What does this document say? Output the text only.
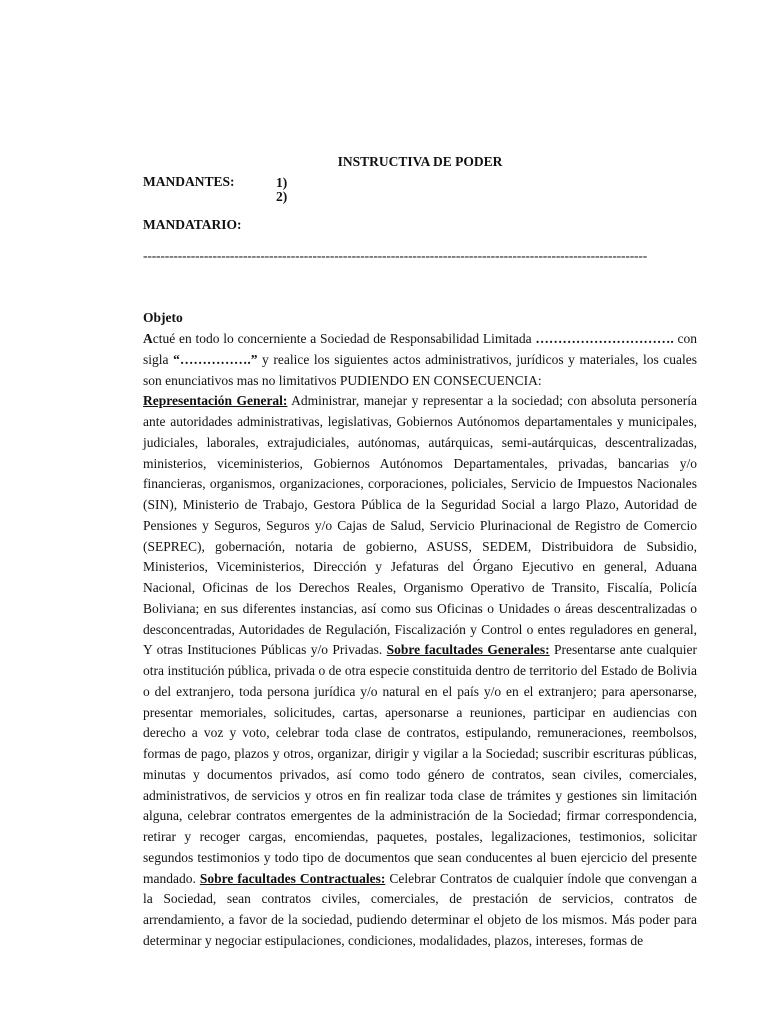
INSTRUCTIVA DE PODER
MANDANTES:	1)
2)
MANDATARIO:
--------------------------------------------------------------------------------------------------------------------
Objeto
Actué en todo lo concerniente a Sociedad de Responsabilidad Limitada …………………………. con sigla “…………….” y realice los siguientes actos administrativos, jurídicos y materiales, los cuales son enunciativos mas no limitativos PUDIENDO EN CONSECUENCIA:
Representación General: Administrar, manejar y representar a la sociedad; con absoluta personería ante autoridades administrativas, legislativas, Gobiernos Autónomos departamentales y municipales, judiciales, laborales, extrajudiciales, autónomas, autárquicas, semi-autárquicas, descentralizadas, ministerios, viceministerios, Gobiernos Autónomos Departamentales, privadas, bancarias y/o financieras, organismos, organizaciones, corporaciones, policiales, Servicio de Impuestos Nacionales (SIN), Ministerio de Trabajo, Gestora Pública de la Seguridad Social a largo Plazo, Autoridad de Pensiones y Seguros, Seguros y/o Cajas de Salud, Servicio Plurinacional de Registro de Comercio (SEPREC), gobernación, notaria de gobierno, ASUSS, SEDEM, Distribuidora de Subsidio, Ministerios, Viceministerios, Dirección y Jefaturas del Órgano Ejecutivo en general, Aduana Nacional, Oficinas de los Derechos Reales, Organismo Operativo de Transito, Fiscalía, Policía Boliviana; en sus diferentes instancias, así como sus Oficinas o Unidades o áreas descentralizadas o desconcentradas, Autoridades de Regulación, Fiscalización y Control o entes reguladores en general, Y otras Instituciones Públicas y/o Privadas. Sobre facultades Generales: Presentarse ante cualquier otra institución pública, privada o de otra especie constituida dentro de territorio del Estado de Bolivia o del extranjero, toda persona jurídica y/o natural en el país y/o en el extranjero; para apersonarse, presentar memoriales, solicitudes, cartas, apersonarse a reuniones, participar en audiencias con derecho a voz y voto, celebrar toda clase de contratos, estipulando, remuneraciones, reembolsos, formas de pago, plazos y otros, organizar, dirigir y vigilar a la Sociedad; suscribir escrituras públicas, minutas y documentos privados, así como todo género de contratos, sean civiles, comerciales, administrativos, de servicios y otros en fin realizar toda clase de trámites y gestiones sin limitación alguna, celebrar contratos emergentes de la administración de la Sociedad; firmar correspondencia, retirar y recoger cargas, encomiendas, paquetes, postales, legalizaciones, testimonios, solicitar segundos testimonios y todo tipo de documentos que sean conducentes al buen ejercicio del presente mandado. Sobre facultades Contractuales: Celebrar Contratos de cualquier índole que convengan a la Sociedad, sean contratos civiles, comerciales, de prestación de servicios, contratos de arrendamiento, a favor de la sociedad, pudiendo determinar el objeto de los mismos. Más poder para determinar y negociar estipulaciones, condiciones, modalidades, plazos, intereses, formas de
